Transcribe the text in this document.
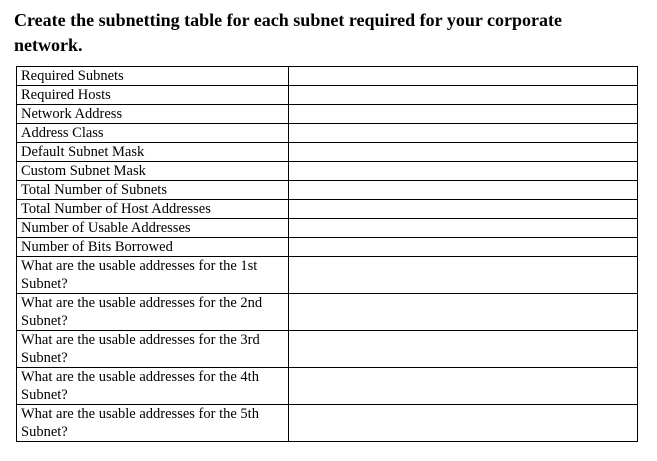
Create the subnetting table for each subnet required for your corporate network.
Required Subnets	
Required Hosts	
Network Address	
Address Class	
Default Subnet Mask	
Custom Subnet Mask	
Total Number of Subnets	
Total Number of Host Addresses	
Number of Usable Addresses	
Number of Bits Borrowed	
What are the usable addresses for the 1st Subnet?	
What are the usable addresses for the 2nd Subnet?	
What are the usable addresses for the 3rd Subnet?	
What are the usable addresses for the 4th Subnet?	
What are the usable addresses for the 5th Subnet?	
